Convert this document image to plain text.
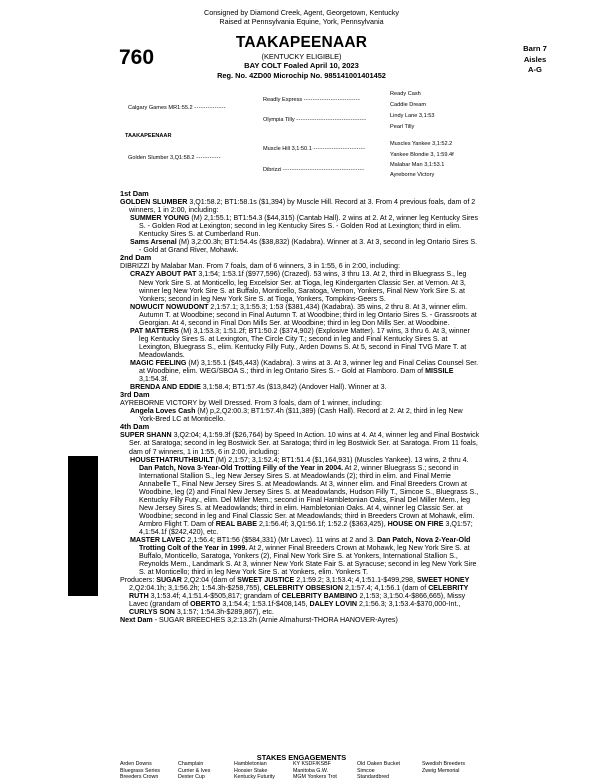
Consigned by Diamond Creek, Agent, Georgetown, Kentucky
Raised at Pennsylvania Equine, York, Pennsylvania
760
TAAKAPEENAAR
(KENTUCKY ELIGIBLE)
BAY COLT Foaled April 10, 2023
Reg. No. 4ZD00 Microchip No. 985141001401452
Barn 7
Aisles
A-G
TAAKAPEENAAR
Calgary Games MR1:55.2 --------------
Golden Slumber 3,Q1:58.2 -----------
Readly Express -------------------------
Olympia Tilly -------------------------------
Muscle Hill 3,1:50.1 -----------------------
Dibrizzi ------------------------------------
Ready Cash
Caddie Dream
Lindy Lane 3,1:53
Pearl Tilly
Muscles Yankee 3,1:52.2
Yankee Blondie 3, 1:59.4f
Malabar Man 3,1:53.1
Ayreborne Victory

1st Dam

GOLDEN SLUMBER 3,Q1:58.2; BT1:58.1s ($1,394) by Muscle Hill. Record at 3. From 4 previous foals, dam of 2 winners, 1 in 2:00, including:

SUMMER YOUNG (M) 2,1:55.1; BT1:54.3 ($44,315) (Cantab Hall). 2 wins at 2. At 2, winner leg Kentucky Sires S. - Golden Rod at Lexington; second in leg Kentucky Sires S. - Golden Rod at Lexington; third in elim. Kentucky Sires S. at Cumberland Run.

Sams Arsenal (M) 3,2:00.3h; BT1:54.4s ($38,832) (Kadabra). Winner at 3. At 3, second in leg Ontario Sires S. - Gold at Grand River, Mohawk.

2nd Dam

DIBRIZZI by Malabar Man. From 7 foals, dam of 6 winners, 3 in 1:55, 6 in 2:00, including:

CRAZY ABOUT PAT 3,1:54; 1:53.1f ($977,596) (Crazed). 53 wins, 3 thru 13. At 2, third in Bluegrass S., leg New York Sire S. at Monticello, leg Excelsior Ser. at Tioga, leg Kindergarten Classic Ser. at Vernon. At 3, winner leg New York Sire S. at Buffalo, Monticello, Saratoga, Vernon, Yonkers, Final New York Sire S. at Yonkers; second in leg New York Sire S. at Tioga, Yonkers, Tompkins-Geers S.

NOWUCIT NOWUDONT 2,1:57.1; 3,1:55.3; 1:53 ($381,434) (Kadabra). 35 wins, 2 thru 8. At 3, winner elim. Autumn T. at Woodbine; second in Final Autumn T. at Woodbine; third in leg Ontario Sires S. - Grassroots at Georgian. At 4, second in Final Don Mills Ser. at Woodbine; third in leg Don Mills Ser. at Woodbine.

PAT MATTERS (M) 3,1:53.3; 1:51.2f; BT1:50.2 ($374,902) (Explosive Matter). 17 wins, 3 thru 6. At 3, winner leg Kentucky Sires S. at Lexington, The Circle City T.; second in leg and Final Kentucky Sires S. at Lexington, Bluegrass S., elim. Kentucky Filly Futy., Arden Downs S. At 5, second in Final TVG Mare T. at Meadowlands.

MAGIC FEELING (M) 3,1:55.1 ($45,443) (Kadabra). 3 wins at 3. At 3, winner leg and Final Celias Counsel Ser. at Woodbine, elim. WEG/SBOA S.; third in leg Ontario Sires S. - Gold at Flamboro. Dam of MISSILE 3,1:54.3f.

BRENDA AND EDDIE 3,1:58.4; BT1:57.4s ($13,842) (Andover Hall). Winner at 3.

3rd Dam

AYREBORNE VICTORY by Well Dressed. From 3 foals, dam of 1 winner, including:

Angela Loves Cash (M) p,2,Q2:00.3; BT1:57.4h ($11,389) (Cash Hall). Record at 2. At 2, third in leg New York-Bred LC at Monticello.

4th Dam

SUPER SHANN 3,Q2:04; 4,1:59.3f ($26,764) by Speed In Action. 10 wins at 4. At 4, winner leg and Final Bostwick Ser. at Saratoga; second in leg Bostwick Ser. at Saratoga; third in leg Bostwick Ser. at Saratoga. From 11 foals, dam of 7 winners, 1 in 1:55, 6 in 2:00, including:

HOUSETHATRUTHBUILT (M) 2,1:57; 3,1:52.4; BT1:51.4 ($1,164,931) (Muscles Yankee). 13 wins, 2 thru 4. Dan Patch, Nova 3-Year-Old Trotting Filly of the Year in 2004. At 2, winner Bluegrass S.; second in International Stallion S., leg New Jersey Sires S. at Meadowlands (2); third in elim. and Final Merrie Annabelle T., Final New Jersey Sires S. at Meadowlands. At 3, winner elim. and Final Breeders Crown at Woodbine, leg (2) and Final New Jersey Sires S. at Meadowlands, Hudson Filly T., Simcoe S., Bluegrass S., Kentucky Filly Futy., elim. Del Miller Mem.; second in Final Hambletonian Oaks, Final Del Miller Mem., leg New Jersey Sires S. at Meadowlands; third in elim. Hambletonian Oaks. At 4, winner leg Classic Ser. at Woodbine; second in leg and Final Classic Ser. at Meadowlands; third in Breeders Crown at Mohawk, elim. Armbro Flight T. Dam of REAL BABE 2,1:56.4f; 3,Q1:56.1f; 1:52.2 ($363,425), HOUSE ON FIRE 3,Q1:57; 4,1:54.1f ($242,420), etc.

MASTER LAVEC 2,1:56.4; BT1:56 ($584,331) (Mr Lavec). 11 wins at 2 and 3. Dan Patch, Nova 2-Year-Old Trotting Colt of the Year in 1999. At 2, winner Final Breeders Crown at Mohawk, leg New York Sire S. at Buffalo, Monticello, Saratoga, Yonkers (2), Final New York Sire S. at Yonkers, International Stallion S., Reynolds Mem., Landmark S. At 3, winner New York State Fair S. at Syracuse; second in leg New York Sire S. at Monticello; third in leg New York Sire S. at Yonkers, elim. Yonkers T.

Producers: SUGAR 2,Q2:04 (dam of SWEET JUSTICE 2,1:59.2; 3,1:53.4; 4,1:51.1-$499,298, SWEET HONEY 2,Q2:04.1h; 3,1:56.2h; 1:54.3h-$258,755), CELEBRITY OBSESION 2,1:57.4; 4,1:56.1 (dam of CELEBRITY RUTH 3,1:53.4f; 4,1:51.4-$505,817; grandam of CELEBRITY BAMBINO 2,1:53; 3,1:50.4-$866,665), Missy Lavec (grandam of OBERTO 3,1:54.4; 1:53.1f-$408,145, DALEY LOVIN 2,1:56.3; 3,1:53.4-$370,000-Int., CURLYS SON 3,1:57; 1:54.3h-$289,867), etc.

Next Dam - SUGAR BREECHES 3,2:13.2h (Arnie Almahurst-THORA HANOVER-Ayres)

STAKES ENGAGEMENTS
Arden Downs
Bluegrass Series
Breeders Crown
Champlain
Currier & Ives
Dexter Cup
Hambletonian
Hoosier Stake
Kentucky Futurity
KY KSDF/KSBF
Manitoba G.W.
MGM Yonkers Trot
Old Oaken Bucket
Simcoe
Standardbred
Swedish Breeders
Zweig Memorial
